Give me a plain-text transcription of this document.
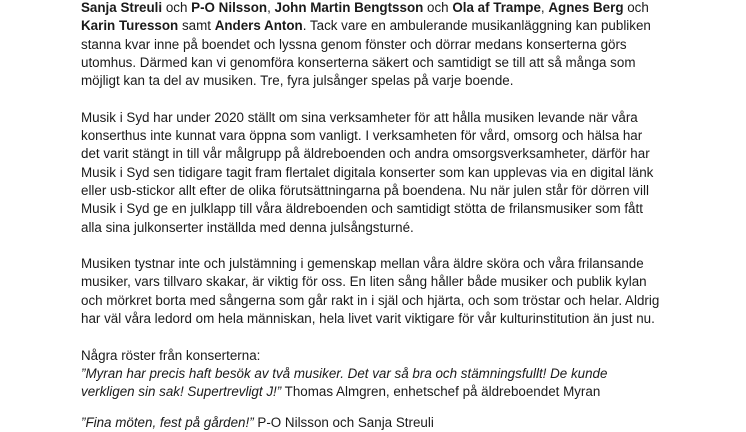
Sanja Streuli och P-O Nilsson, John Martin Bengtsson och Ola af Trampe, Agnes Berg och Karin Turesson samt Anders Anton. Tack vare en ambulerande musikanläggning kan publiken stanna kvar inne på boendet och lyssna genom fönster och dörrar medans konserterna görs utomhus. Därmed kan vi genomföra konserterna säkert och samtidigt se till att så många som möjligt kan ta del av musiken. Tre, fyra julsånger spelas på varje boende.

Musik i Syd har under 2020 ställt om sina verksamheter för att hålla musiken levande när våra konserthus inte kunnat vara öppna som vanligt. I verksamheten för vård, omsorg och hälsa har det varit stängt in till vår målgrupp på äldreboenden och andra omsorgsverksamheter, därför har Musik i Syd sen tidigare tagit fram flertalet digitala konserter som kan upplevas via en digital länk eller usb-stickor allt efter de olika förutsättningarna på boendena. Nu när julen står för dörren vill Musik i Syd ge en julklapp till våra äldreboenden och samtidigt stötta de frilansmusiker som fått alla sina julkonserter inställda med denna julsångsturné.

Musiken tystnar inte och julstämning i gemenskap mellan våra äldre sköra och våra frilansande musiker, vars tillvaro skakar, är viktig för oss. En liten sång håller både musiker och publik kylan och mörkret borta med sångerna som går rakt in i själ och hjärta, och som tröstar och helar. Aldrig har väl våra ledord om hela människan, hela livet varit viktigare för vår kulturinstitution än just nu.

Några röster från konserterna:
”Myran har precis haft besök av två musiker. Det var så bra och stämningsfullt! De kunde verkligen sin sak! Supertrevligt J!” Thomas Almgren, enhetschef på äldreboendet Myran
”Fina möten, fest på gården!” P-O Nilsson och Sanja Streuli
